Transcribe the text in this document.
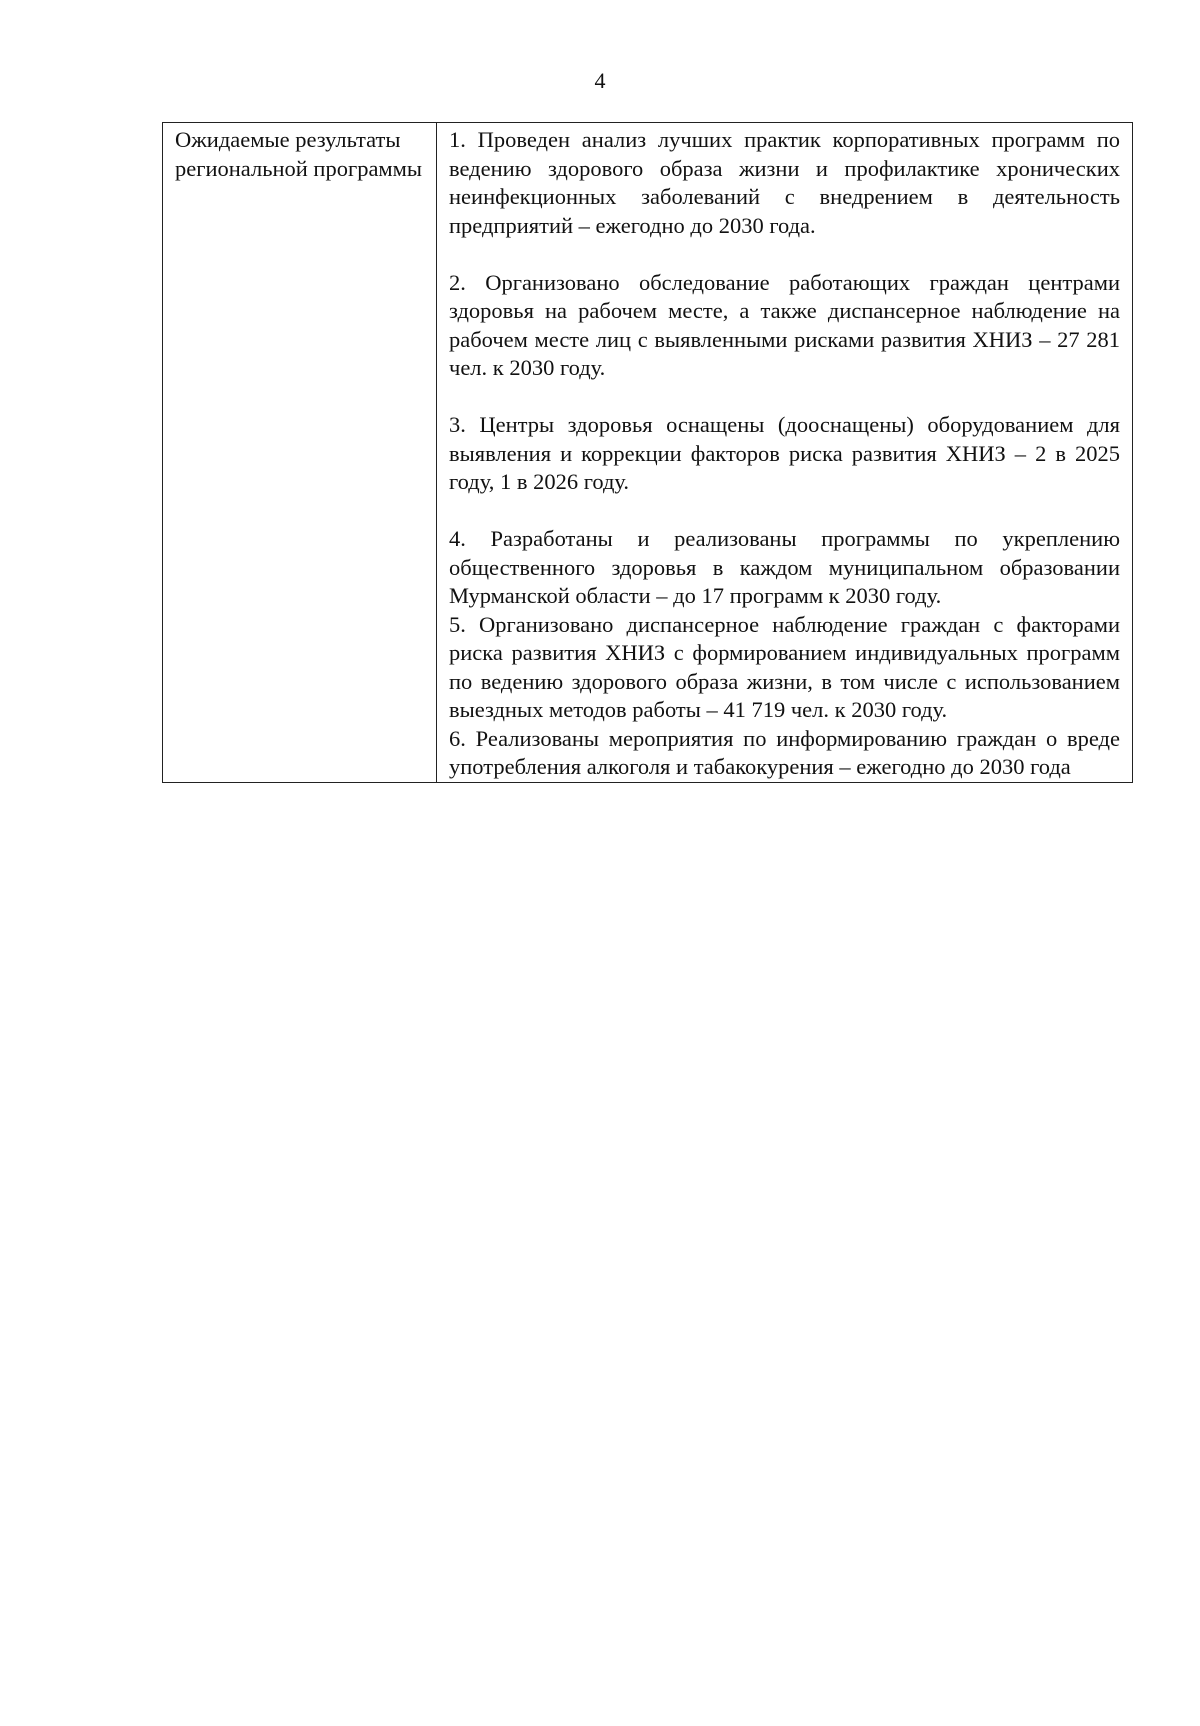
4
Ожидаемые результаты региональной программы	

1. Проведен анализ лучших практик корпоративных программ по ведению здорового образа жизни и профилактике хронических неинфекционных заболеваний с внедрением в деятельность предприятий – ежегодно до 2030 года.

2. Организовано обследование работающих граждан центрами здоровья на рабочем месте, а также диспансерное наблюдение на рабочем месте лиц с выявленными рисками развития ХНИЗ – 27 281 чел. к 2030 году.

3. Центры здоровья оснащены (дооснащены) оборудованием для выявления и коррекции факторов риска развития ХНИЗ – 2 в 2025 году, 1 в 2026 году.

4. Разработаны и реализованы программы по укреплению общественного здоровья в каждом муниципальном образовании Мурманской области – до 17 программ к 2030 году.

5. Организовано диспансерное наблюдение граждан с факторами риска развития ХНИЗ с формированием индивидуальных программ по ведению здорового образа жизни, в том числе с использованием выездных методов работы – 41 719 чел. к 2030 году.

6. Реализованы мероприятия по информированию граждан о вреде употребления алкоголя и табакокурения – ежегодно до 2030 года
